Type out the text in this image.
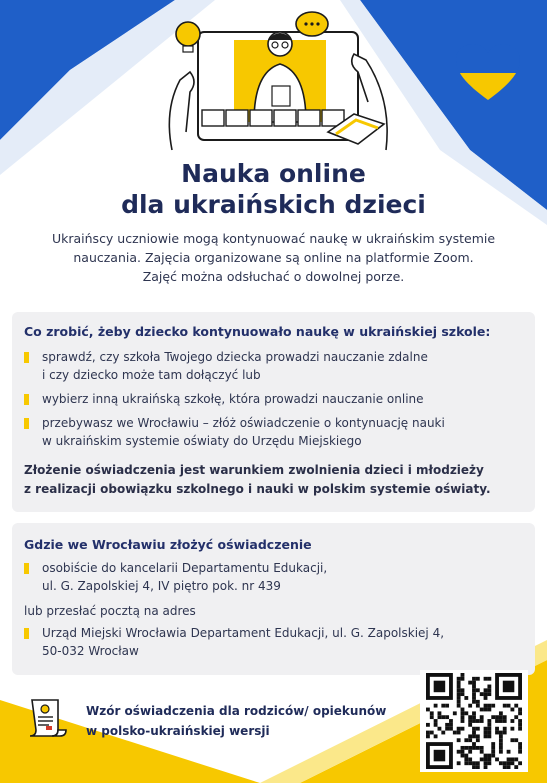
Nauka online
dla ukraińskich dzieci

Ukraińscy uczniowie mogą kontynuować naukę w ukraińskim systemie
nauczania. Zajęcia organizowane są online na platformie Zoom.
Zajęć można odsłuchać o dowolnej porze.

Co zrobić, żeby dziecko kontynuowało naukę w ukraińskiej szkole:
sprawdź, czy szkoła Twojego dziecka prowadzi nauczanie zdalne
i czy dziecko może tam dołączyć lub
wybierz inną ukraińską szkołę, która prowadzi nauczanie online
przebywasz we Wrocławiu – złóż oświadczenie o kontynuację nauki
w ukraińskim systemie oświaty do Urzędu Miejskiego

Złożenie oświadczenia jest warunkiem zwolnienia dzieci i młodzieży
z realizacji obowiązku szkolnego i nauki w polskim systemie oświaty.

Gdzie we Wrocławiu złożyć oświadczenie
osobiście do kancelarii Departamentu Edukacji,
ul. G. Zapolskiej 4, IV piętro pok. nr 439

lub przesłać pocztą na adres

Urząd Miejski Wrocławia Departament Edukacji, ul. G. Zapolskiej 4,
50-032 Wrocław

Wzór oświadczenia dla rodziców/ opiekunów
w polsko-ukraińskiej wersji
